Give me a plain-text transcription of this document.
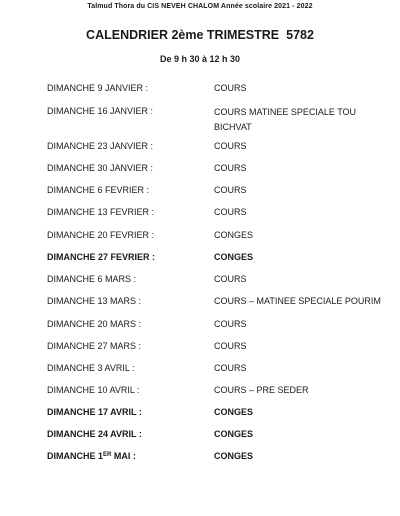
Talmud Thora du CIS NEVEH CHALOM Année scolaire 2021 - 2022
CALENDRIER 2ème TRIMESTRE 5782
De 9 h 30 à 12 h 30
DIMANCHE 9 JANVIER :	COURS
DIMANCHE 16 JANVIER :	COURS MATINEE SPECIALE TOU BICHVAT
DIMANCHE 23 JANVIER :	COURS
DIMANCHE 30 JANVIER :	COURS
DIMANCHE 6 FEVRIER :	COURS
DIMANCHE 13 FEVRIER :	COURS
DIMANCHE 20 FEVRIER :	CONGES
DIMANCHE 27 FEVRIER :	CONGES
DIMANCHE 6 MARS :	COURS
DIMANCHE 13 MARS :	COURS – MATINEE SPECIALE POURIM
DIMANCHE 20 MARS :	COURS
DIMANCHE 27 MARS :	COURS
DIMANCHE 3 AVRIL :	COURS
DIMANCHE 10 AVRIL :	COURS – PRE SEDER
DIMANCHE 17 AVRIL :	CONGES
DIMANCHE 24 AVRIL :	CONGES
DIMANCHE 1ER MAI :	CONGES
